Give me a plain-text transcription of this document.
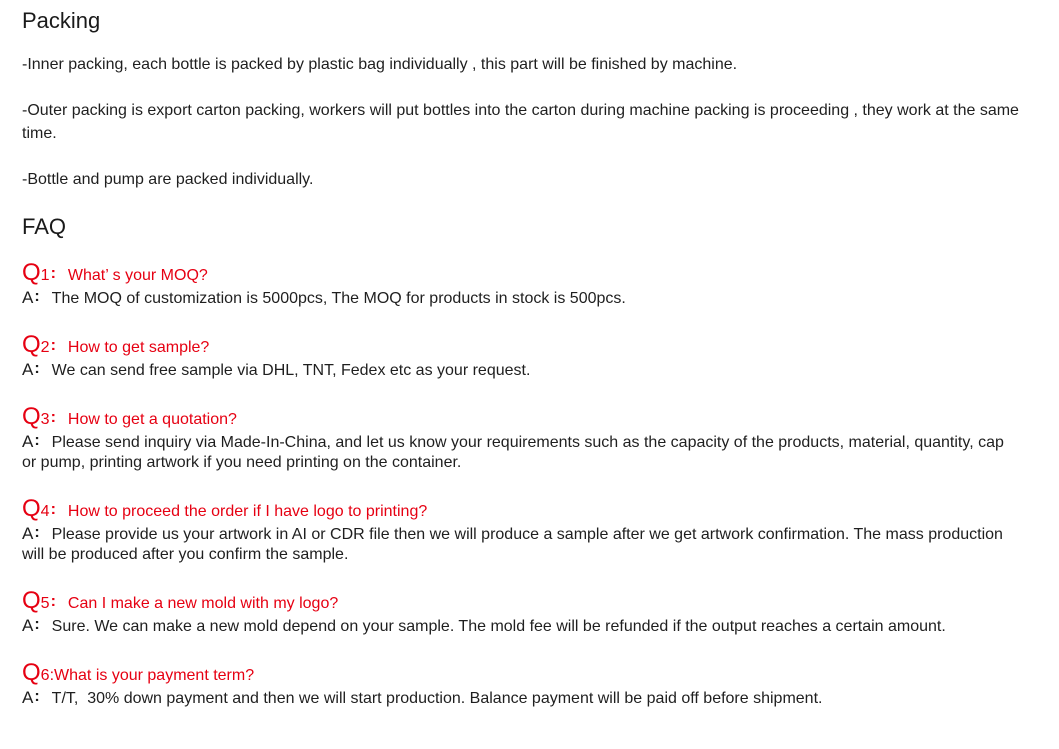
Packing

-Inner packing, each bottle is packed by plastic bag individually , this part will be finished by machine.

-Outer packing is export carton packing, workers will put bottles into the carton during machine packing is proceeding , they work at the same time.

-Bottle and pump are packed individually.

FAQ
Q1: What’ s your MOQ?
A: The MOQ of customization is 5000pcs, The MOQ for products in stock is 500pcs.
Q2: How to get sample?
A: We can send free sample via DHL, TNT, Fedex etc as your request.
Q3: How to get a quotation?
A: Please send inquiry via Made-In-China, and let us know your requirements such as the capacity of the products, material, quantity, cap or pump, printing artwork if you need printing on the container.
Q4: How to proceed the order if I have logo to printing?
A: Please provide us your artwork in AI or CDR file then we will produce a sample after we get artwork confirmation. The mass production will be produced after you confirm the sample.
Q5: Can I make a new mold with my logo?
A: Sure. We can make a new mold depend on your sample. The mold fee will be refunded if the output reaches a certain amount.
Q6:What is your payment term?
A: T/T,  30% down payment and then we will start production. Balance payment will be paid off before shipment.
